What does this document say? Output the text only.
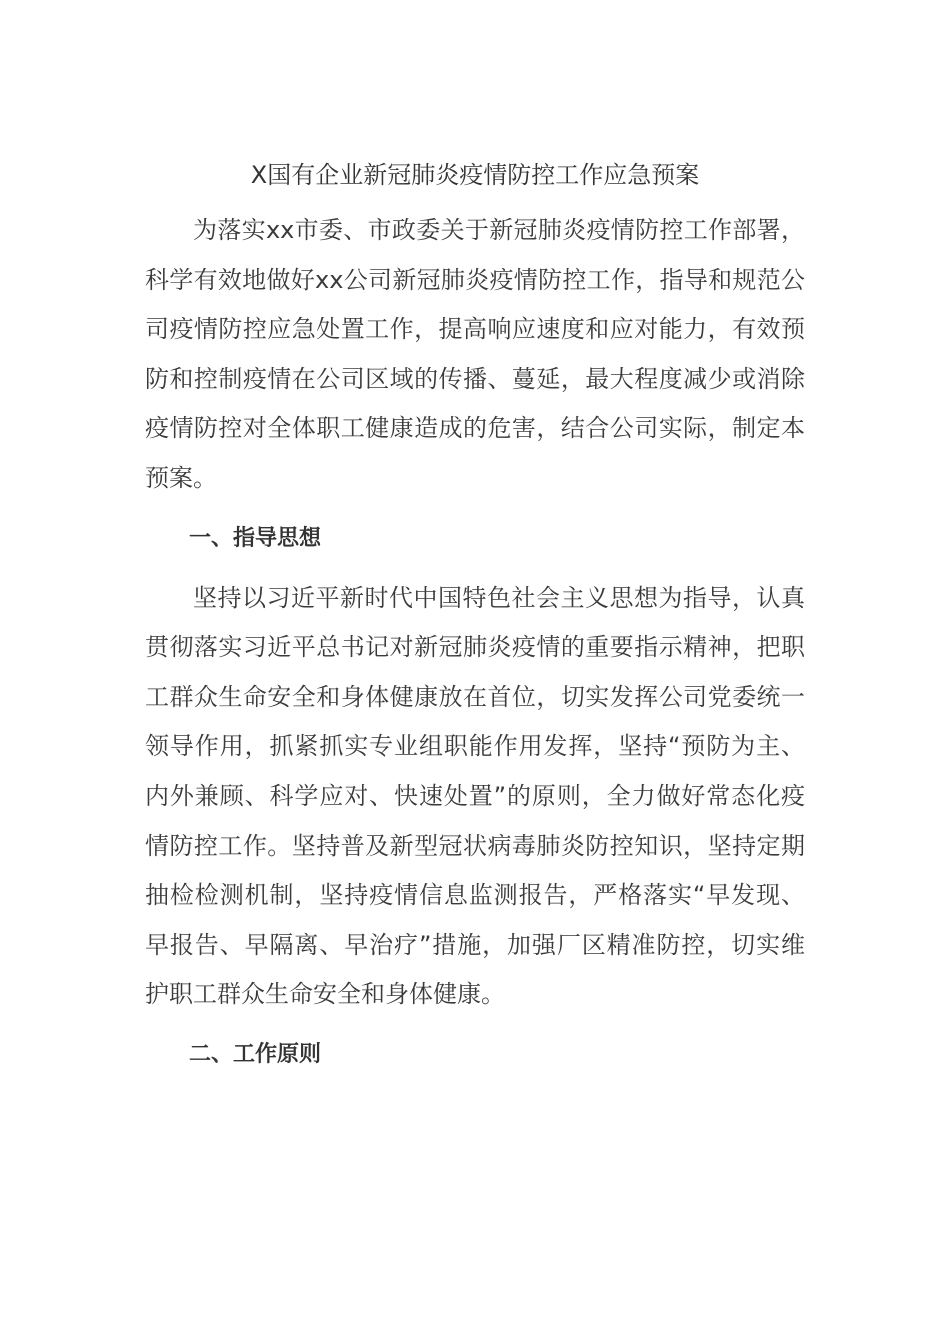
X国有企业新冠肺炎疫情防控工作应急预案

为落实xx市委、市政委关于新冠肺炎疫情防控工作部署，科学有效地做好xx公司新冠肺炎疫情防控工作，指导和规范公司疫情防控应急处置工作，提高响应速度和应对能力，有效预防和控制疫情在公司区域的传播、蔓延，最大程度减少或消除疫情防控对全体职工健康造成的危害，结合公司实际，制定本预案。

一、指导思想

坚持以习近平新时代中国特色社会主义思想为指导，认真贯彻落实习近平总书记对新冠肺炎疫情的重要指示精神，把职工群众生命安全和身体健康放在首位，切实发挥公司党委统一领导作用，抓紧抓实专业组职能作用发挥，坚持“预防为主、内外兼顾、科学应对、快速处置”的原则，全力做好常态化疫情防控工作。坚持普及新型冠状病毒肺炎防控知识，坚持定期抽检检测机制，坚持疫情信息监测报告，严格落实“早发现、早报告、早隔离、早治疗”措施，加强厂区精准防控，切实维护职工群众生命安全和身体健康。

二、工作原则
